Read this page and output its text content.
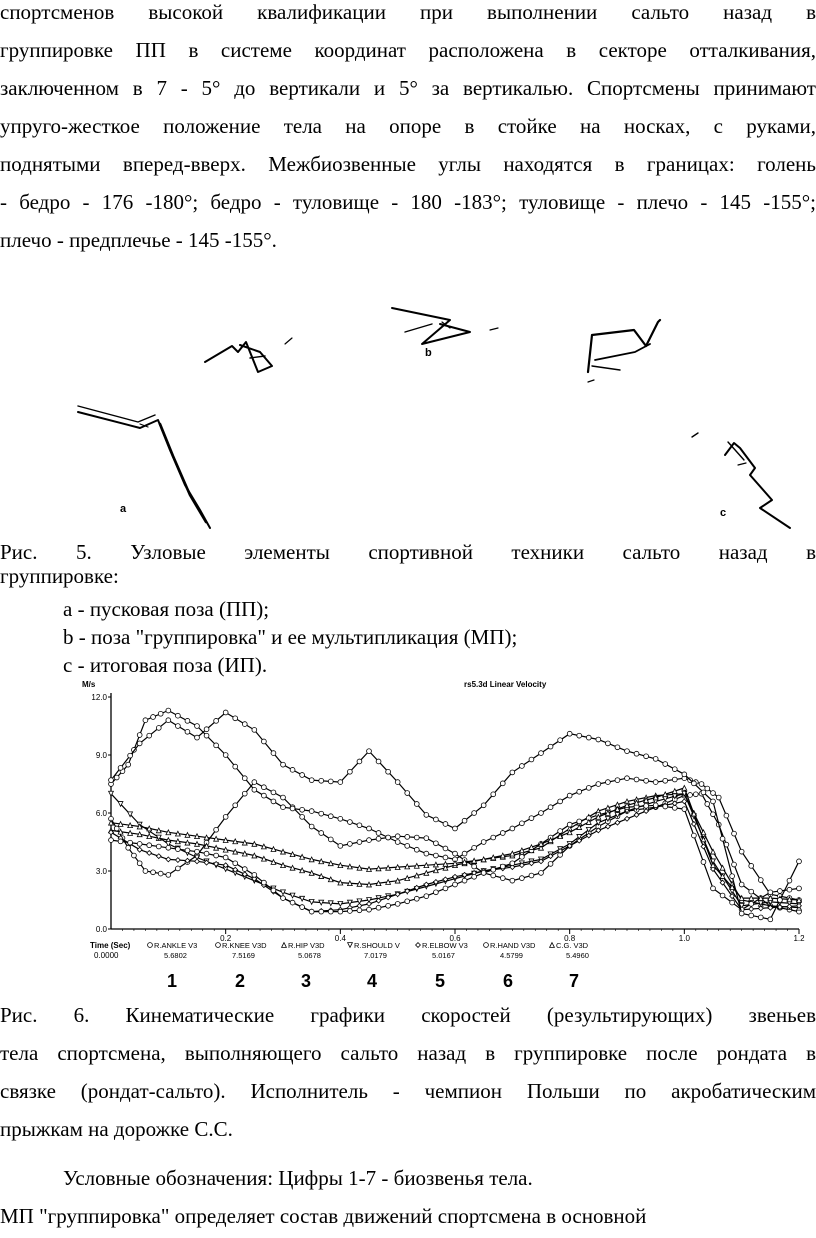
спортсменов высокой квалификации при выполнении сальто назад в
группировке ПП в системе координат расположена в секторе отталкивания,
заключенном в 7 - 5° до вертикали и 5° за вертикалью. Спортсмены принимают
упруго-жесткое положение тела на опоре в стойке на носках, с руками,
поднятыми вперед-вверх. Межбиозвенные углы находятся в границах: голень
- бедро - 176 -180°; бедро - туловище - 180 -183°; туловище - плечо - 145 -155°;
плечо - предплечье - 145 -155°.
a
b
c
Рис. 5. Узловые элементы спортивной техники сальто назад в
группировке:
a - пусковая поза (ПП);
b - поза "группировка" и ее мультипликация (МП);
c - итоговая поза (ИП).
M/s	rs5.3d Linear Velocity
0.0
3.0
6.0
9.0
12.0
0.2	0.4	0.6	0.8	1.0	1.2
Time (Sec)
0.0000
R.ANKLE V3
5.6802
1
R.KNEE V3D
7.5169
2
R.HIP V3D
5.0678
3
R.SHOULD V
7.0179
4
R.ELBOW V3
5.0167
5
R.HAND V3D
4.5799
6
C.G. V3D
5.4960
7
Рис. 6. Кинематические графики скоростей (результирующих) звеньев
тела спортсмена, выполняющего сальто назад в группировке после рондата в
связке (рондат-сальто). Исполнитель - чемпион Польши по акробатическим
прыжкам на дорожке С.С.
Условные обозначения: Цифры 1-7 - биозвенья тела.
МП "группировка" определяет состав движений спортсмена в основной
